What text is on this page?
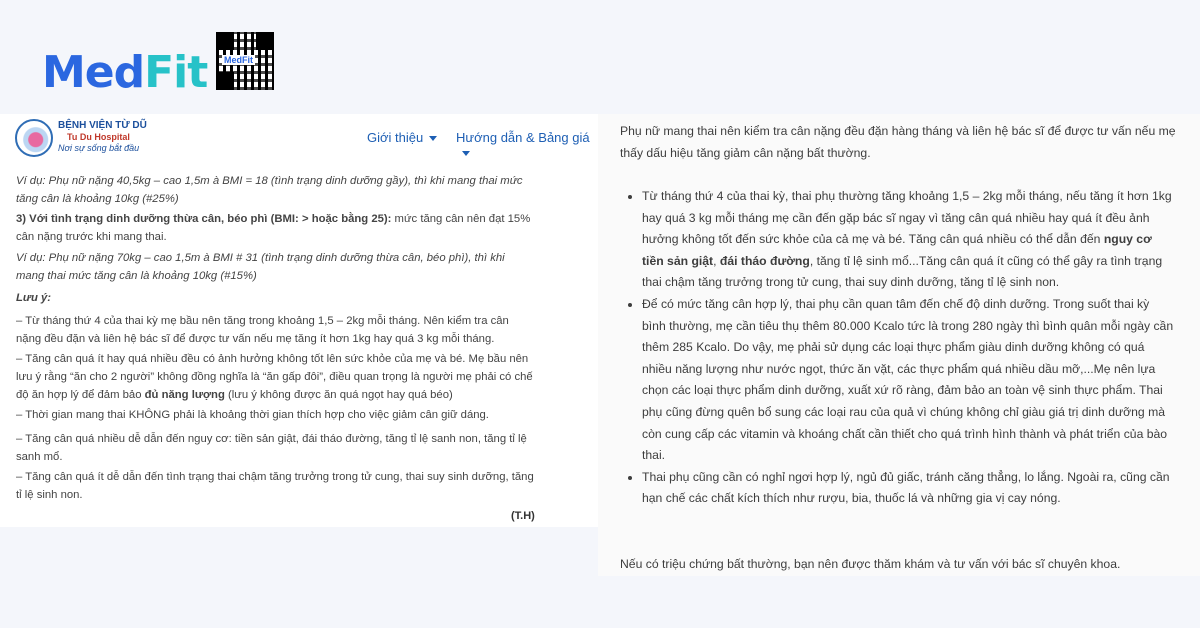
Med Fit MedFit

Ví dụ: Phụ nữ nặng 40,5kg – cao 1,5m à BMI = 18 (tình trạng dinh dưỡng gầy), thì khi mang thai mức tăng cân là khoảng 10kg (#25%)

3) Với tình trạng dinh dưỡng thừa cân, béo phì (BMI: > hoặc bằng 25): mức tăng cân nên đạt 15% cân nặng trước khi mang thai.

Ví dụ: Phụ nữ nặng 70kg – cao 1,5m à BMI # 31 (tình trạng dinh dưỡng thừa cân, béo phì), thì khi mang thai mức tăng cân là khoảng 10kg (#15%)

Lưu ý:

– Từ tháng thứ 4 của thai kỳ mẹ bầu nên tăng trong khoảng 1,5 – 2kg mỗi tháng. Nên kiểm tra cân nặng đều đặn và liên hệ bác sĩ để được tư vấn nếu mẹ tăng ít hơn 1kg hay quá 3 kg mỗi tháng.

– Tăng cân quá ít hay quá nhiều đều có ảnh hưởng không tốt lên sức khỏe của mẹ và bé. Mẹ bầu nên lưu ý rằng “ăn cho 2 người” không đồng nghĩa là “ăn gấp đôi”, điều quan trọng là người mẹ phải có chế độ ăn hợp lý để đảm bảo đủ năng lượng (lưu ý không được ăn quá ngọt hay quá béo)

– Thời gian mang thai KHÔNG phải là khoảng thời gian thích hợp cho việc giảm cân giữ dáng.

– Tăng cân quá nhiều dễ dẫn đến nguy cơ: tiền sản giật, đái tháo đường, tăng tỉ lệ sanh non, tăng tỉ lệ sanh mổ.

– Tăng cân quá ít dễ dẫn đến tình trạng thai chậm tăng trưởng trong tử cung, thai suy sinh dưỡng, tăng tỉ lệ sinh non.

(T.H)
BỆNH VIỆN TỪ DŨ
Tu Du Hospital
Nơi sự sống bắt đầu
Giới thiệu	Hướng dẫn & Bảng giá	Phụ nữ mang thai nên kiểm tra cân nặng đều đặn hàng tháng và liên hệ bác sĩ để được tư vấn nếu mẹ thấy dấu hiệu tăng giảm cân nặng bất thường.
• Từ tháng thứ 4 của thai kỳ, thai phụ thường tăng khoảng 1,5 – 2kg mỗi tháng, nếu tăng ít hơn 1kg hay quá 3 kg mỗi tháng mẹ cần đến gặp bác sĩ ngay vì tăng cân quá nhiều hay quá ít đều ảnh hưởng không tốt đến sức khỏe của cả mẹ và bé. Tăng cân quá nhiều có thể dẫn đến nguy cơ tiền sản giật, đái tháo đường, tăng tỉ lệ sinh mổ...Tăng cân quá ít cũng có thể gây ra tình trạng thai chậm tăng trưởng trong tử cung, thai suy dinh dưỡng, tăng tỉ lệ sinh non.
• Để có mức tăng cân hợp lý, thai phụ cần quan tâm đến chế độ dinh dưỡng. Trong suốt thai kỳ bình thường, mẹ cần tiêu thụ thêm 80.000 Kcalo tức là trong 280 ngày thì bình quân mỗi ngày cần thêm 285 Kcalo. Do vậy, mẹ phải sử dụng các loại thực phẩm giàu dinh dưỡng không có quá nhiều năng lượng như nước ngọt, thức ăn vặt, các thực phẩm quá nhiều dầu mỡ,...Mẹ nên lựa chọn các loại thực phẩm dinh dưỡng, xuất xứ rõ ràng, đảm bảo an toàn vệ sinh thực phẩm. Thai phụ cũng đừng quên bổ sung các loại rau của quả vì chúng không chỉ giàu giá trị dinh dưỡng mà còn cung cấp các vitamin và khoáng chất cần thiết cho quá trình hình thành và phát triển của bào thai.
• Thai phụ cũng cần có nghỉ ngơi hợp lý, ngủ đủ giấc, tránh căng thẳng, lo lắng. Ngoài ra, cũng cần hạn chế các chất kích thích như rượu, bia, thuốc lá và những gia vị cay nóng.
Nếu có triệu chứng bất thường, bạn nên được thăm khám và tư vấn với bác sĩ chuyên khoa.
